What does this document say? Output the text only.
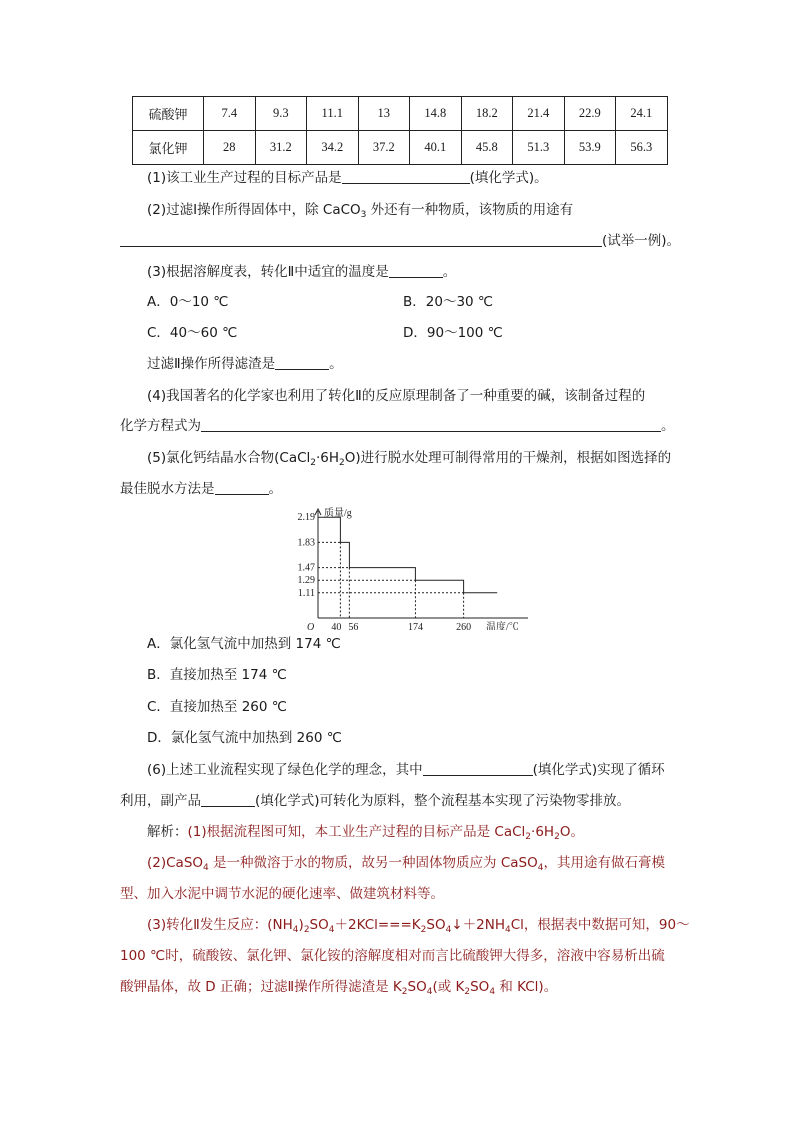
硫酸钾	7.4	9.3	11.1	13	14.8	18.2	21.4	22.9	24.1
氯化钾	28	31.2	34.2	37.2	40.1	45.8	51.3	53.9	56.3
(1)该工业生产过程的目标产品是	(填化学式)。
(2)过滤Ⅰ操作所得固体中，除 CaCO$_3$ 外还有一种物质，该物质的用途有
(试举一例)。
(3)根据溶解度表，转化Ⅱ中适宜的温度是	。
A．0～10 ℃	B．20～30 ℃
C．40～60 ℃	D．90～100 ℃
过滤Ⅱ操作所得滤渣是	。
(4)我国著名的化学家也利用了转化Ⅱ的反应原理制备了一种重要的碱，该制备过程的
化学方程式为	。
(5)氯化钙结晶水合物$(CaCl_2\cdot 6H_2O)$进行脱水处理可制得常用的干燥剂，根据如图选择的
最佳脱水方法是	。
2.19
1.83
1.47
1.29
1.11
40 56	174	260
O
质量/g
温度/℃
A．氯化氢气流中加热到 174 ℃
B．直接加热至 174 ℃
C．直接加热至 260 ℃
D．氯化氢气流中加热到 260 ℃
(6)上述工业流程实现了绿色化学的理念，其中	(填化学式)实现了循环
利用，副产品	(填化学式)可转化为原料，整个流程基本实现了污染物零排放。
解析：(1)根据流程图可知，本工业生产过程的目标产品是 $CaCl_2\cdot 6H_2O$。
(2)CaSO$_4$ 是一种微溶于水的物质，故另一种固体物质应为 CaSO$_4$，其用途有做石膏模
型、加入水泥中调节水泥的硬化速率、做建筑材料等。
(3)转化Ⅱ发生反应：$(NH_4)_2SO_4+2KCl===K_2SO_4↓+2NH_4Cl$，根据表中数据可知，90～
100 ℃时，硫酸铵、氯化钾、氯化铵的溶解度相对而言比硫酸钾大得多，溶液中容易析出硫
酸钾晶体，故 D 正确；过滤Ⅱ操作所得滤渣是 $K_2SO_4$(或 $K_2SO_4$ 和 KCl)。
